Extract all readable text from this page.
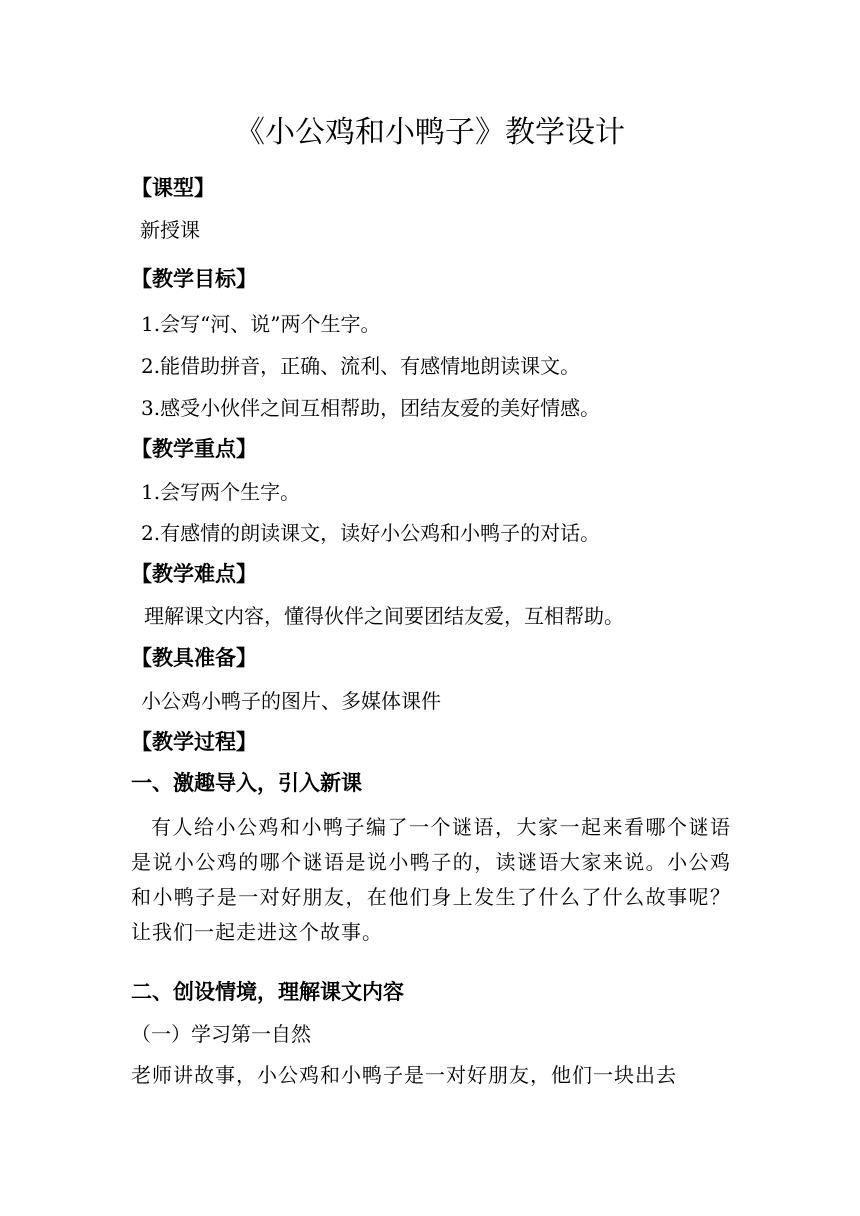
《小公鸡和小鸭子》教学设计
【课型】
新授课
【教学目标】
1.会写“河、说”两个生字。
2.能借助拼音，正确、流利、有感情地朗读课文。
3.感受小伙伴之间互相帮助，团结友爱的美好情感。
【教学重点】
1.会写两个生字。
2.有感情的朗读课文，读好小公鸡和小鸭子的对话。
【教学难点】
理解课文内容，懂得伙伴之间要团结友爱，互相帮助。
【教具准备】
小公鸡小鸭子的图片、多媒体课件
【教学过程】
一、激趣导入，引入新课
有人给小公鸡和小鸭子编了一个谜语，大家一起来看哪个谜语是说小公鸡的哪个谜语是说小鸭子的，读谜语大家来说。小公鸡和小鸭子是一对好朋友，在他们身上发生了什么了什么故事呢？让我们一起走进这个故事。
二、创设情境，理解课文内容
（一）学习第一自然
老师讲故事，小公鸡和小鸭子是一对好朋友，他们一块出去
